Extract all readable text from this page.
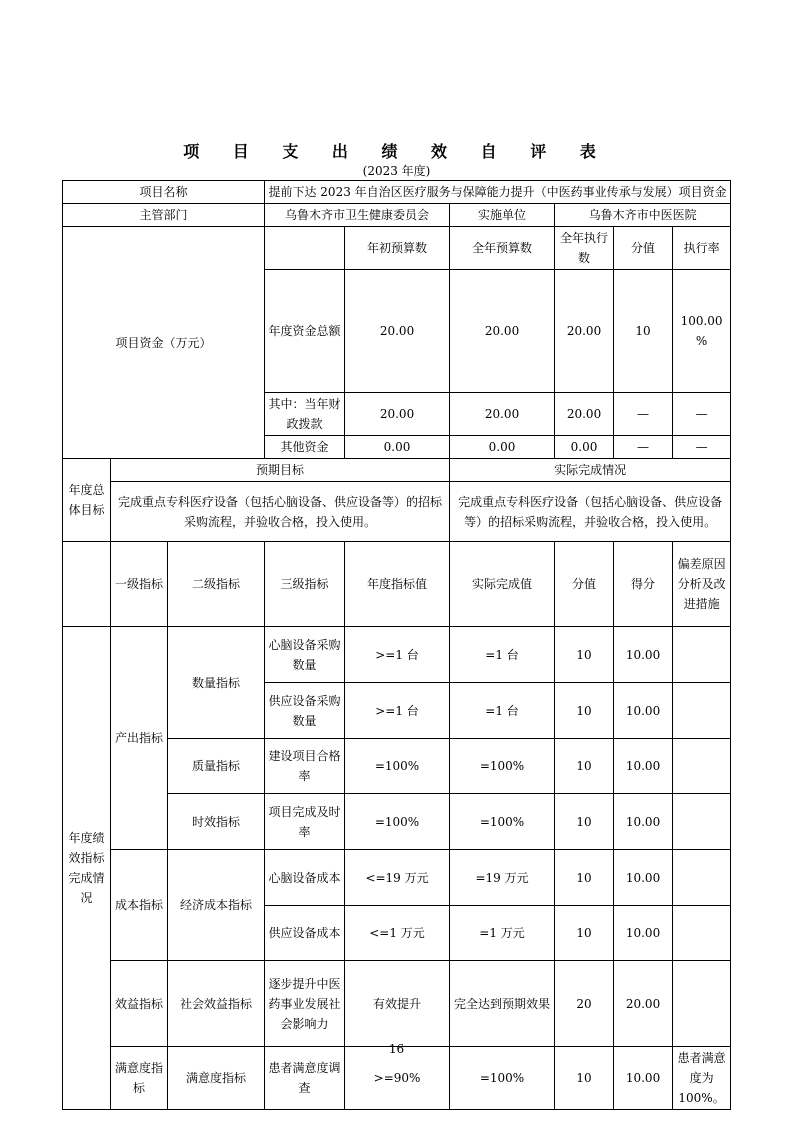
项 目 支 出 绩 效 自 评 表
(2023 年度)
项目名称			提前下达 2023 年自治区医疗服务与保障能力提升（中医药事业传承与发展）项目资金						
主管部门			乌鲁木齐市卫生健康委员会		实施单位	乌鲁木齐市中医医院			
项目资金（万元）				年初预算数	全年预算数	全年执行数	分值	执行率	
			年度资金总额	20.00	20.00	20.00	10	100.00%	
			其中：当年财政拨款	20.00	20.00	20.00	—	—	
			其他资金	0.00	0.00	0.00	—	—	
年度总体目标	预期目标				实际完成情况				
	完成重点专科医疗设备（包括心脑设备、供应设备等）的招标采购流程，并验收合格，投入使用。				完成重点专科医疗设备（包括心脑设备、供应设备等）的招标采购流程，并验收合格，投入使用。				
	一级指标	二级指标	三级指标	年度指标值	实际完成值	分值	得分	偏差原因分析及改进措施	
年度绩效指标完成情况	产出指标	数量指标	心脑设备采购数量	>=1 台	=1 台	10	10.00		
			供应设备采购数量	>=1 台	=1 台	10	10.00		
		质量指标	建设项目合格率	=100%	=100%	10	10.00		
		时效指标	项目完成及时率	=100%	=100%	10	10.00		
	成本指标	经济成本指标	心脑设备成本	<=19 万元	=19 万元	10	10.00		
			供应设备成本	<=1 万元	=1 万元	10	10.00		
	效益指标	社会效益指标	逐步提升中医药事业发展社会影响力	有效提升	完全达到预期效果	20	20.00		
	满意度指标	满意度指标	患者满意度调查	>=90%	=100%	10	10.00	患者满意度为 100%。	
16
